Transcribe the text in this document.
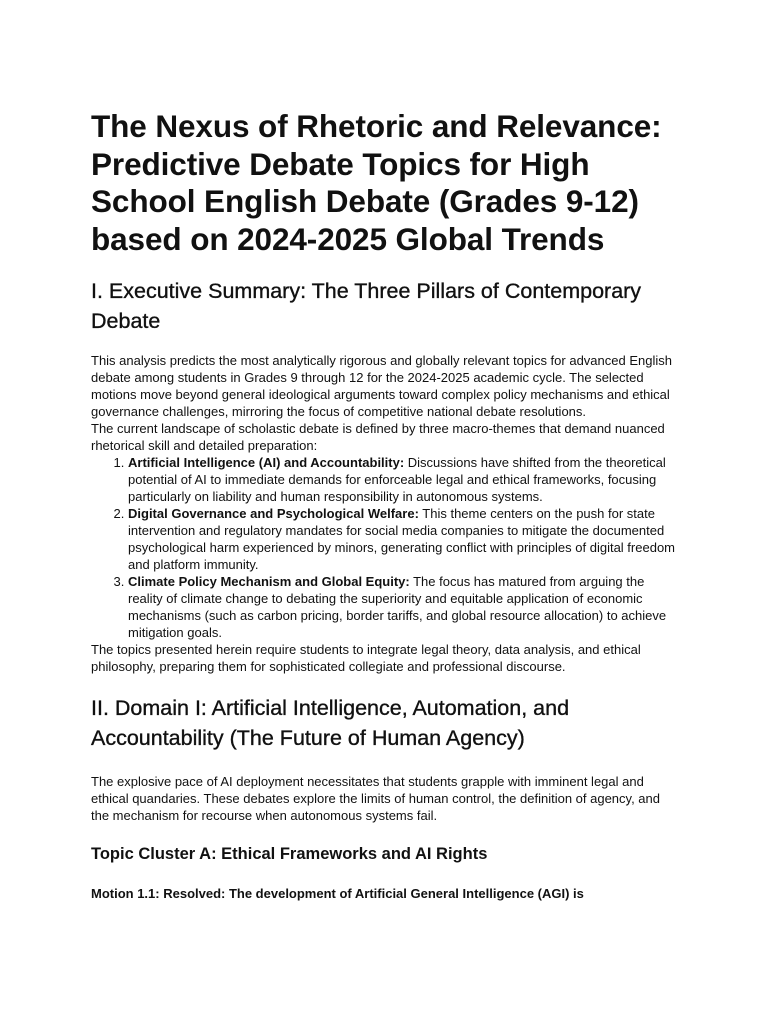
The Nexus of Rhetoric and Relevance: Predictive Debate Topics for High School English Debate (Grades 9-12) based on 2024-2025 Global Trends
I. Executive Summary: The Three Pillars of Contemporary Debate

This analysis predicts the most analytically rigorous and globally relevant topics for advanced English debate among students in Grades 9 through 12 for the 2024-2025 academic cycle. The selected motions move beyond general ideological arguments toward complex policy mechanisms and ethical governance challenges, mirroring the focus of competitive national debate resolutions.

The current landscape of scholastic debate is defined by three macro-themes that demand nuanced rhetorical skill and detailed preparation:

1. Artificial Intelligence (AI) and Accountability: Discussions have shifted from the theoretical potential of AI to immediate demands for enforceable legal and ethical frameworks, focusing particularly on liability and human responsibility in autonomous systems.
2. Digital Governance and Psychological Welfare: This theme centers on the push for state intervention and regulatory mandates for social media companies to mitigate the documented psychological harm experienced by minors, generating conflict with principles of digital freedom and platform immunity.
3. Climate Policy Mechanism and Global Equity: The focus has matured from arguing the reality of climate change to debating the superiority and equitable application of economic mechanisms (such as carbon pricing, border tariffs, and global resource allocation) to achieve mitigation goals.

The topics presented herein require students to integrate legal theory, data analysis, and ethical philosophy, preparing them for sophisticated collegiate and professional discourse.

II. Domain I: Artificial Intelligence, Automation, and Accountability (The Future of Human Agency)

The explosive pace of AI deployment necessitates that students grapple with imminent legal and ethical quandaries. These debates explore the limits of human control, the definition of agency, and the mechanism for recourse when autonomous systems fail.

Topic Cluster A: Ethical Frameworks and AI Rights

Motion 1.1: Resolved: The development of Artificial General Intelligence (AGI) is
